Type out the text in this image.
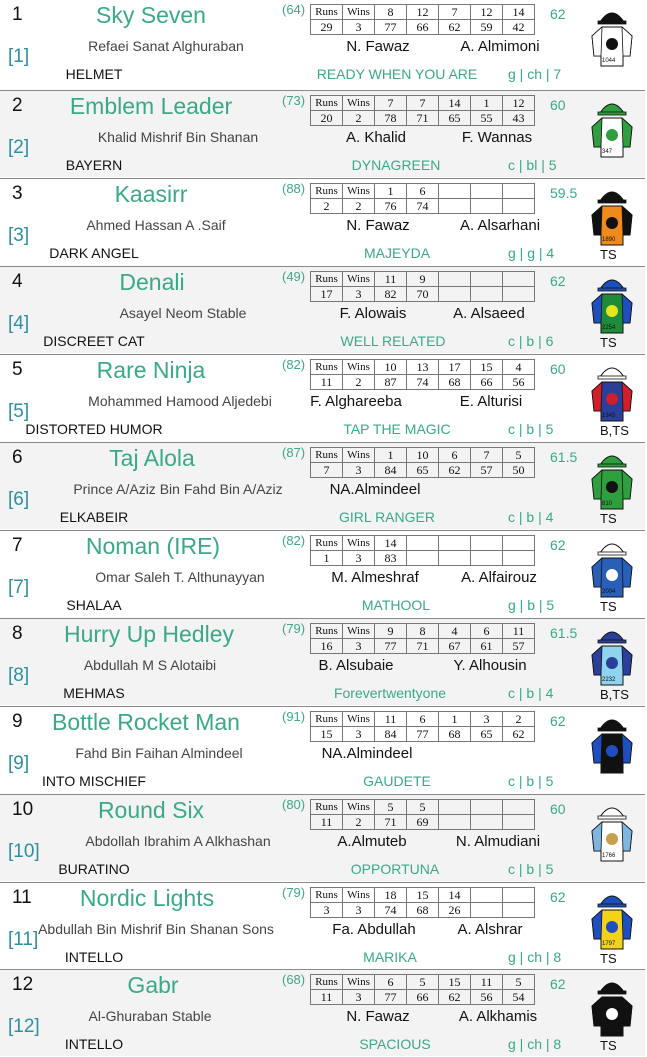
1
[1]
Sky Seven	(64)	62
Refaei Sanat Alghuraban	N. Fawaz	A. Almimoni
HELMET	READY WHEN YOU ARE g | ch | 7
Runs	Wins	8	12	7	12	14
29	3	77	66	62	59	42
1044
2
[2]
Emblem Leader	(73)	60
Khalid Mishrif Bin Shanan	A. Khalid	F. Wannas
BAYERN	DYNAGREEN	c | bl | 5
Runs	Wins	7	7	14	1	12
20	2	78	71	65	55	43
347
3
[3]
Kaasirr	(88)	59.5
Ahmed Hassan A .Saif	N. Fawaz	A. Alsarhani
DARK ANGEL	MAJEYDA	g | g | 4
Runs	Wins	1	6			
2	2	76	74			
1890
TS
4
[4]
Denali	(49)	62
Asayel Neom Stable	F. Alowais	A. Alsaeed
DISCREET CAT	WELL RELATED	c | b | 6
Runs	Wins	11	9			
17	3	82	70			
2254
TS
5
[5]
Rare Ninja	(82)	60
Mohammed Hamood Aljedebi	F. Alghareeba	E. Alturisi
DISTORTED HUMOR	TAP THE MAGIC	c | b | 5
Runs	Wins	10	13	17	15	4
11	2	87	74	68	66	56
1345
B,TS
6
[6]
Taj Alola	(87)	61.5
Prince A/Aziz Bin Fahd Bin A/Aziz	NA.Almindeel
ELKABEIR	GIRL RANGER	c | b | 4
Runs	Wins	1	10	6	7	5
7	3	84	65	62	57	50
810
TS
7
[7]
Noman (IRE)	(82)	62
Omar Saleh T. Althunayyan	M. Almeshraf	A. Alfairouz
SHALAA	MATHOOL	g | b | 5
Runs	Wins	14				
1	3	83				
2004
TS
8
[8]
Hurry Up Hedley	(79)	61.5
Abdullah M S Alotaibi	B. Alsubaie	Y. Alhousin
MEHMAS	Forevertwentyone	c | b | 4
Runs	Wins	9	8	4	6	11
16	3	77	71	67	61	57
2232
B,TS
9
[9]
Bottle Rocket Man	(91)	62
Fahd Bin Faihan Almindeel	NA.Almindeel
INTO MISCHIEF	GAUDETE	c | b | 5
Runs	Wins	11	6	1	3	2
15	3	84	77	68	65	62
1101
10
[10]
Round Six	(80)	60
Abdollah Ibrahim A Alkhashan	A.Almuteb	N. Almudiani
BURATINO	OPPORTUNA	c | b | 5
Runs	Wins	5	5			
11	2	71	69			
1766
11
[11]
Nordic Lights	(79)	62
Abdullah Bin Mishrif Bin Shanan Sons	Fa. Abdullah	A. Alshrar
INTELLO	MARIKA	g | ch | 8
Runs	Wins	18	15	14		
3	3	74	68	26		
1797
TS
12
[12]
Gabr	(68)	62
Al-Ghuraban Stable	N. Fawaz	A. Alkhamis
INTELLO	SPACIOUS	g | ch | 8
Runs	Wins	6	5	15	11	5
11	3	77	66	62	56	54
989
TS
